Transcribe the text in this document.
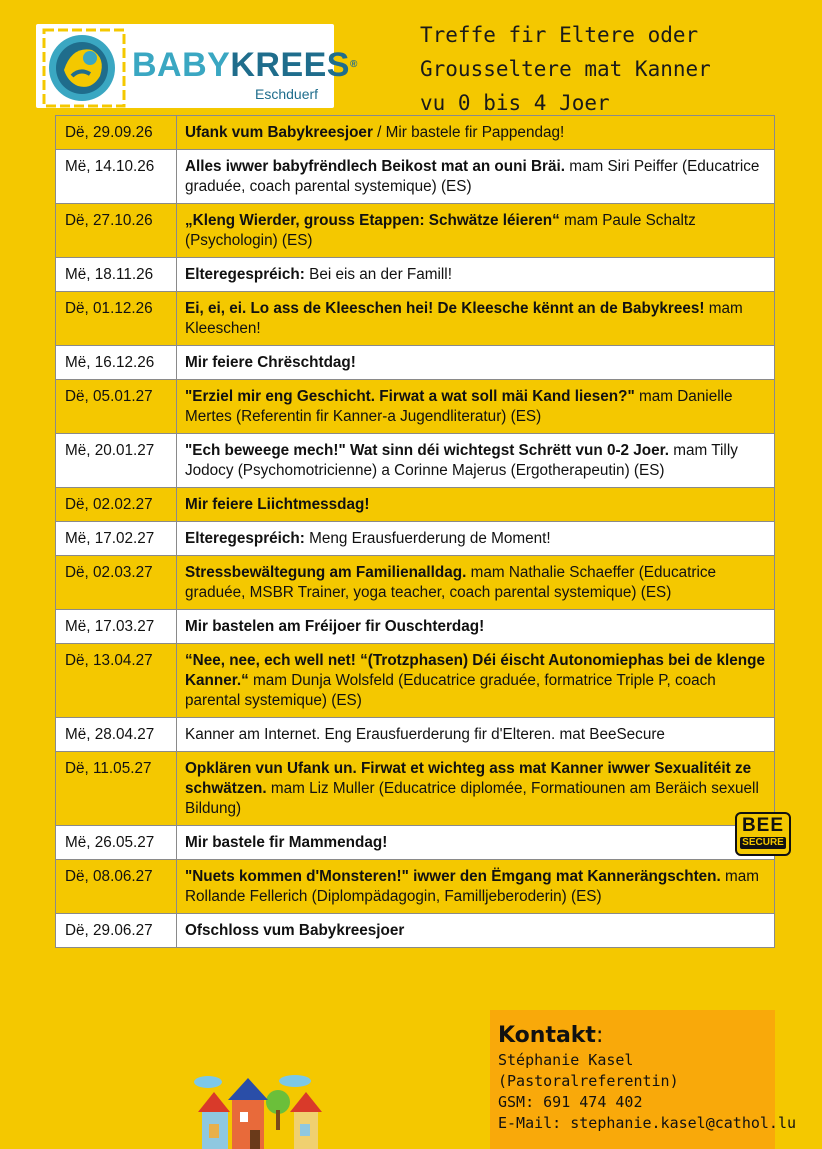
BABYKREES®
Eschduerf
Treffe fir Eltere oder
Grousseltere mat Kanner
vu 0 bis 4 Joer
Dë, 29.09.26	Ufank vum Babykreesjoer / Mir bastele fir Pappendag!
Më, 14.10.26	Alles iwwer babyfrëndlech Beikost mat an ouni Bräi. mam Siri Peiffer (Educatrice graduée, coach parental systemique) (ES)
Dë, 27.10.26	„Kleng Wierder, grouss Etappen: Schwätze léieren“ mam Paule Schaltz (Psychologin) (ES)
Më, 18.11.26	Elteregespréich: Bei eis an der Famill!
Dë, 01.12.26	Ei, ei, ei. Lo ass de Kleeschen hei! De Kleesche kënnt an de Babykrees! mam Kleeschen!
Më, 16.12.26	Mir feiere Chrëschtdag!
Dë, 05.01.27	"Erziel mir eng Geschicht. Firwat a wat soll mäi Kand liesen?" mam Danielle Mertes (Referentin fir Kanner-a Jugendliteratur) (ES)
Më, 20.01.27	"Ech beweege mech!" Wat sinn déi wichtegst Schrëtt vun 0-2 Joer. mam Tilly Jodocy (Psychomotricienne) a Corinne Majerus (Ergotherapeutin) (ES)
Dë, 02.02.27	Mir feiere Liichtmessdag!
Më, 17.02.27	Elteregespréich: Meng Erausfuerderung de Moment!
Dë, 02.03.27	Stressbewältegung am Familienalldag. mam Nathalie Schaeffer (Educatrice graduée, MSBR Trainer, yoga teacher, coach parental systemique) (ES)
Më, 17.03.27	Mir bastelen am Fréijoer fir Ouschterdag!
Dë, 13.04.27	“Nee, nee, ech well net! “(Trotzphasen) Déi éischt Autonomiephas bei de klenge Kanner.“ mam Dunja Wolsfeld (Educatrice graduée, formatrice Triple P, coach parental systemique) (ES)
Më, 28.04.27	Kanner am Internet. Eng Erausfuerderung fir d'Elteren. mat BeeSecure
Dë, 11.05.27	Opklären vun Ufank un. Firwat et wichteg ass mat Kanner iwwer Sexualitéit ze schwätzen. mam Liz Muller (Educatrice diplomée, Formatiounen am Beräich sexuell Bildung)
Më, 26.05.27	Mir bastele fir Mammendag!
Dë, 08.06.27	"Nuets kommen d'Monsteren!" iwwer den Ëmgang mat Kannerängschten. mam Rollande Fellerich (Diplompädagogin, Familljeberoderin) (ES)
Dë, 29.06.27	Ofschloss vum Babykreesjoer
BEE
SECURE
Kontakt:
Stéphanie Kasel
(Pastoralreferentin)
GSM: 691 474 402
E-Mail: stephanie.kasel@cathol.lu
